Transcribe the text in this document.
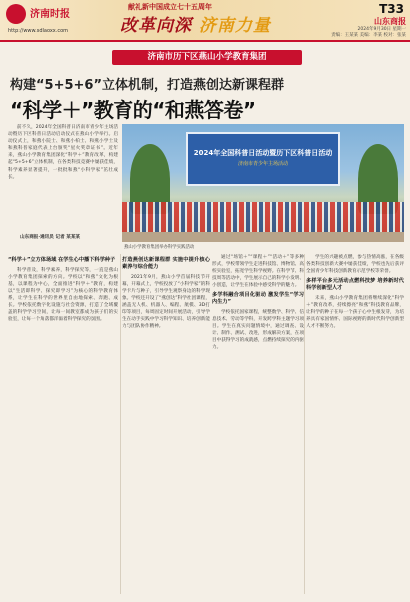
济南时报
http://www.sdlaoxx.com
献礼新中国成立七十五周年
改革向深 济南力量
T33
山东商报
2024年9月30日 星期一
责编：王某某 美编：李某 校对：张某
济南市历下区燕山小学教育集团
构建“5+5+6”立体机制，打造燕创达新课程群
“科学＋”教育的“和燕答卷”

前不久，2024年全国科普日济南市青少年主场活动暨历下区科普日活动启动仪式在燕山小学举行。启动仪式上，和燕小院士、和燕小柏士、和燕小学士及和燕科普家庭代表上台颁奖“星火奖章证书”。近年来，燕山小学教育集团深化“科学＋”教育改革，构建起“5+5+6”立体机制，在各类科技竞赛中屡获佳绩，科学素养显著提升，一批批和燕“小科学家”茁壮成长。

山东商报·通讯员 记者 某某某
2024年全国科普日活动暨历下区科普日活动
济南市青少年主场活动
燕山小学教育集团举办科学实践活动
“科学＋”立方体场域 在学生心中播下科学种子

科学普及，科学素养，科学探究等，一直是燕山小学教育集团探索的方向。学校以“和燕”文化为根基，以课程为中心，全面推进“科学＋”教育，构建以“生活即科学、探究即学习”为核心的科学教育体系，让学生在科学的世界里自由地探索、奔跑、成长。学校依托数字化设施与社会资源，打造了全域覆盖的科学学习空间，让每一间教室都成为孩子们的实验室，让每一个角落都洋溢着科学探究的氛围。

打造燕创达新课程群 实施中提升核心素养与综合能力

2021年9月，燕山小学首届科技节开幕，开幕式上，学校投放了“小科学家”的科学卡片与种子，引导学生观察身边的科学现象。学校还开设了“燕创达”科学社团课程，涵盖无人机、机器人、编程、航模、3D打印等项目，每周固定时间开展活动，引导学生在动手实践中学习科学知识、培养创新能力与团队协作精神。

通过“场馆＋”“课程＋”“活动＋”等多种形式，学校带领学生走进科技馆、博物馆、高校实验室，拓宽学生科学视野。在科学节、科技周等活动中，学生展示自己的科学小发明、小创造，让学生在体验中感受科学的魅力。

多学科融合项目化驱动 激发学生“学习内生力”

学校依托国家课程，统整数学、科学、信息技术、劳动等学科，开发跨学科主题学习项目。学生在真实问题情境中，通过调查、设计、制作、测试、改进，形成解决方案，在项目中获得学习的成就感，点燃持续探究的内驱力。

学生的兴趣被点燃，参与热情高涨，在各级各类科技创新大赛中屡获佳绩，学校也先后获评全国青少年科技创新教育示范学校等荣誉。

多样平台多元活动点燃科技梦 培养新时代科学创新型人才

未来，燕山小学教育集团将继续深化“科学＋”教育改革，持续擦亮“和燕”科技教育品牌，让科学的种子在每一个孩子心中生根发芽，为培养具有家国情怀、国际视野的新时代科学创新型人才不断努力。
